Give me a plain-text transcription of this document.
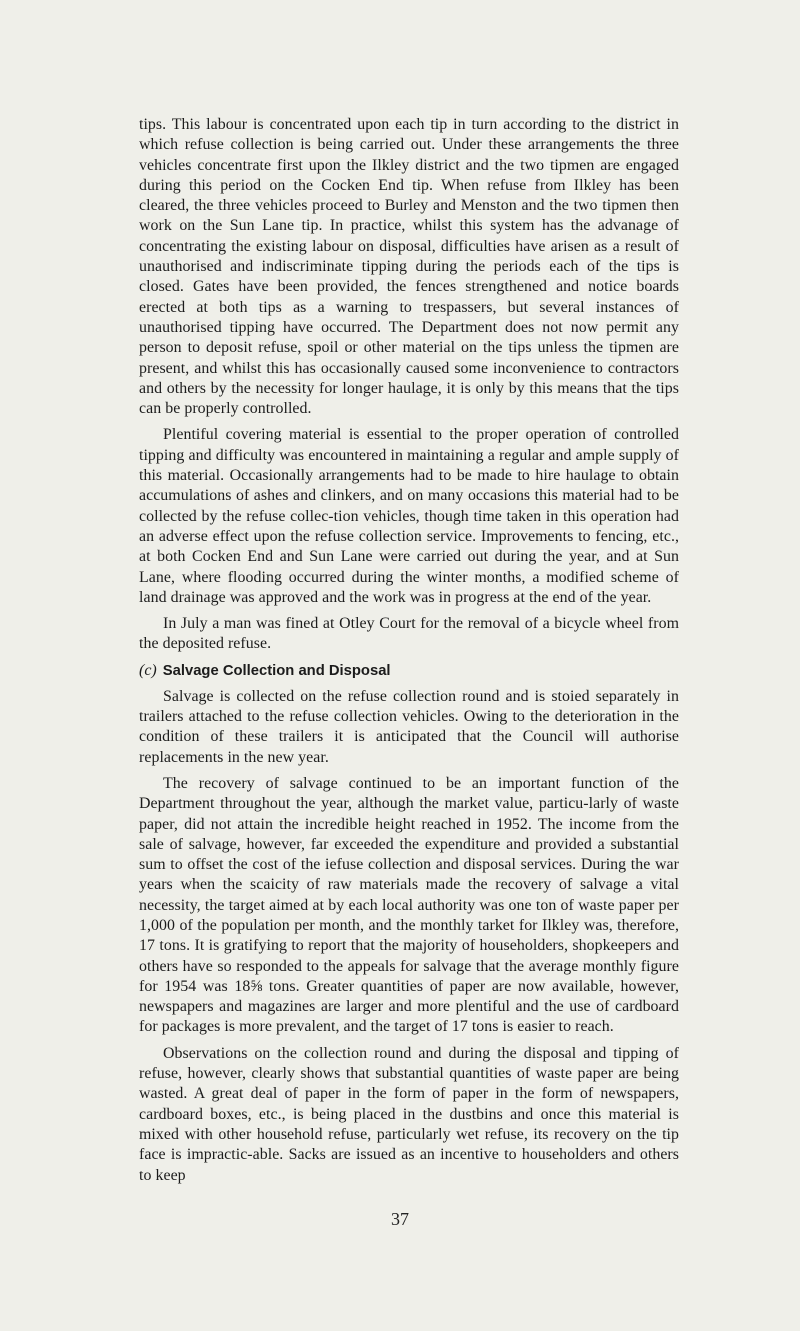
tips. This labour is concentrated upon each tip in turn according to the district in which refuse collection is being carried out. Under these arrangements the three vehicles concentrate first upon the Ilkley district and the two tipmen are engaged during this period on the Cocken End tip. When refuse from Ilkley has been cleared, the three vehicles proceed to Burley and Menston and the two tipmen then work on the Sun Lane tip. In practice, whilst this system has the advanage of concentrating the existing labour on disposal, difficulties have arisen as a result of unauthorised and indiscriminate tipping during the periods each of the tips is closed. Gates have been provided, the fences strengthened and notice boards erected at both tips as a warning to trespassers, but several instances of unauthorised tipping have occurred. The Department does not now permit any person to deposit refuse, spoil or other material on the tips unless the tipmen are present, and whilst this has occasionally caused some inconvenience to contractors and others by the necessity for longer haulage, it is only by this means that the tips can be properly controlled.

Plentiful covering material is essential to the proper operation of controlled tipping and difficulty was encountered in maintaining a regular and ample supply of this material. Occasionally arrangements had to be made to hire haulage to obtain accumulations of ashes and clinkers, and on many occasions this material had to be collected by the refuse collec-tion vehicles, though time taken in this operation had an adverse effect upon the refuse collection service. Improvements to fencing, etc., at both Cocken End and Sun Lane were carried out during the year, and at Sun Lane, where flooding occurred during the winter months, a modified scheme of land drainage was approved and the work was in progress at the end of the year.

In July a man was fined at Otley Court for the removal of a bicycle wheel from the deposited refuse.

(c) Salvage Collection and Disposal

Salvage is collected on the refuse collection round and is stoied separately in trailers attached to the refuse collection vehicles. Owing to the deterioration in the condition of these trailers it is anticipated that the Council will authorise replacements in the new year.

The recovery of salvage continued to be an important function of the Department throughout the year, although the market value, particu-larly of waste paper, did not attain the incredible height reached in 1952. The income from the sale of salvage, however, far exceeded the expenditure and provided a substantial sum to offset the cost of the iefuse collection and disposal services. During the war years when the scaicity of raw materials made the recovery of salvage a vital necessity, the target aimed at by each local authority was one ton of waste paper per 1,000 of the population per month, and the monthly tarket for Ilkley was, therefore, 17 tons. It is gratifying to report that the majority of householders, shopkeepers and others have so responded to the appeals for salvage that the average monthly figure for 1954 was 18⅝ tons. Greater quantities of paper are now available, however, newspapers and magazines are larger and more plentiful and the use of cardboard for packages is more prevalent, and the target of 17 tons is easier to reach.

Observations on the collection round and during the disposal and tipping of refuse, however, clearly shows that substantial quantities of waste paper are being wasted. A great deal of paper in the form of paper in the form of newspapers, cardboard boxes, etc., is being placed in the dustbins and once this material is mixed with other household refuse, particularly wet refuse, its recovery on the tip face is impractic-able. Sacks are issued as an incentive to householders and others to keep

37
